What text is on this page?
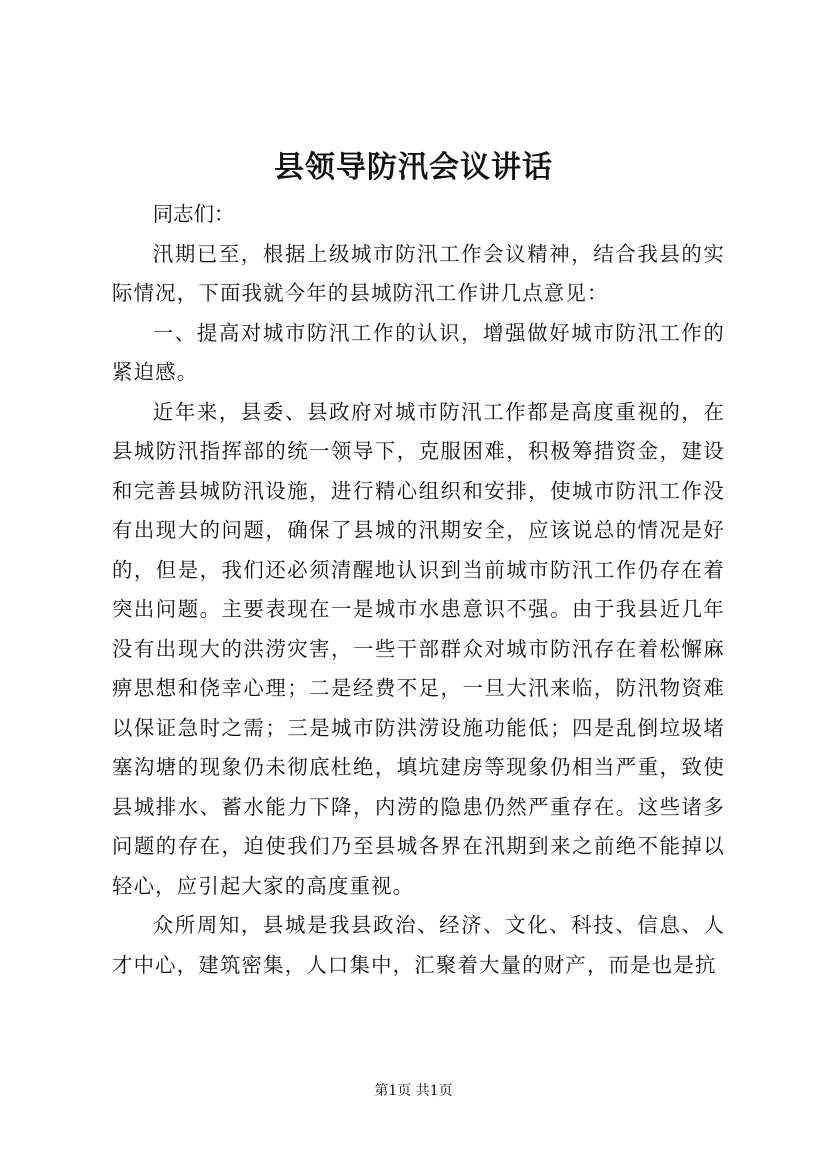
县领导防汛会议讲话

同志们：

汛期已至，根据上级城市防汛工作会议精神，结合我县的实际情况，下面我就今年的县城防汛工作讲几点意见：

一、提高对城市防汛工作的认识，增强做好城市防汛工作的紧迫感。

近年来，县委、县政府对城市防汛工作都是高度重视的，在县城防汛指挥部的统一领导下，克服困难，积极筹措资金，建设和完善县城防汛设施，进行精心组织和安排，使城市防汛工作没有出现大的问题，确保了县城的汛期安全，应该说总的情况是好的，但是，我们还必须清醒地认识到当前城市防汛工作仍存在着突出问题。主要表现在一是城市水患意识不强。由于我县近几年没有出现大的洪涝灾害，一些干部群众对城市防汛存在着松懈麻痹思想和侥幸心理；二是经费不足，一旦大汛来临，防汛物资难以保证急时之需；三是城市防洪涝设施功能低；四是乱倒垃圾堵塞沟塘的现象仍未彻底杜绝，填坑建房等现象仍相当严重，致使县城排水、蓄水能力下降，内涝的隐患仍然严重存在。这些诸多问题的存在，迫使我们乃至县城各界在汛期到来之前绝不能掉以轻心，应引起大家的高度重视。

众所周知，县城是我县政治、经济、文化、科技、信息、人才中心，建筑密集，人口集中，汇聚着大量的财产，而是也是抗

第1页 共1页
